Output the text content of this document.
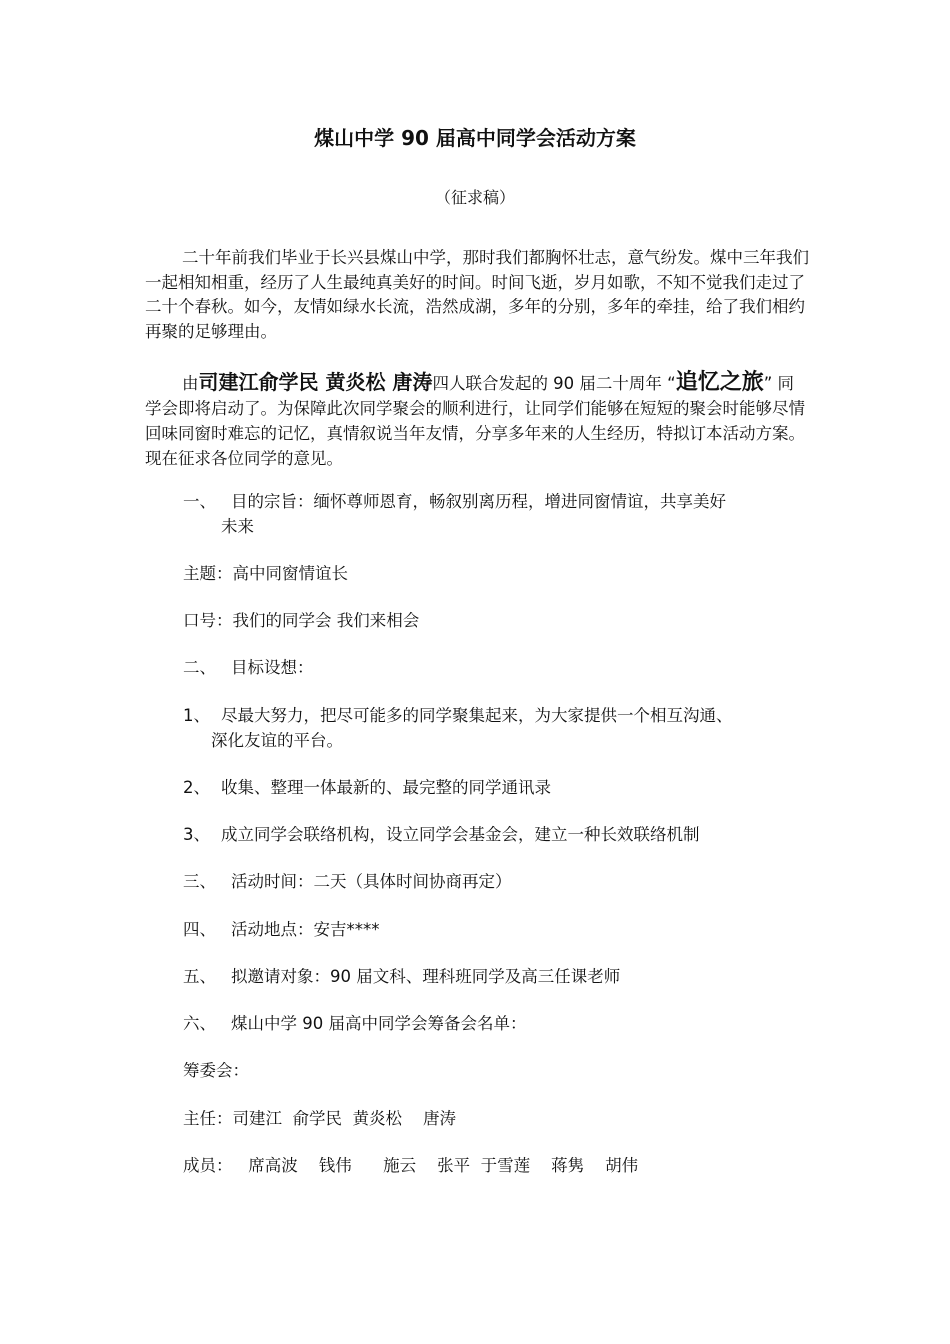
煤山中学 90 届高中同学会活动方案
（征求稿）

二十年前我们毕业于长兴县煤山中学，那时我们都胸怀壮志，意气纷发。煤中三年我们一起相知相重，经历了人生最纯真美好的时间。时间飞逝，岁月如歌，不知不觉我们走过了二十个春秋。如今，友情如绿水长流，浩然成湖，多年的分别，多年的牵挂，给了我们相约再聚的足够理由。

由司建江俞学民 黄炎松 唐涛四人联合发起的 90 届二十周年 “追忆之旅” 同学会即将启动了。为保障此次同学聚会的顺利进行，让同学们能够在短短的聚会时能够尽情回味同窗时难忘的记忆，真情叙说当年友情，分享多年来的人生经历，特拟订本活动方案。现在征求各位同学的意见。

一、 目的宗旨：缅怀尊师恩育，畅叙别离历程，增进同窗情谊，共享美好
未来
主题：高中同窗情谊长
口号：我们的同学会 我们来相会
二、 目标设想：
1、 尽最大努力，把尽可能多的同学聚集起来，为大家提供一个相互沟通、
深化友谊的平台。
2、 收集、整理一体最新的、最完整的同学通讯录
3、 成立同学会联络机构，设立同学会基金会，建立一种长效联络机制
三、 活动时间：二天（具体时间协商再定）
四、 活动地点：安吉****
五、 拟邀请对象：90 届文科、理科班同学及高三任课老师
六、 煤山中学 90 届高中同学会筹备会名单：
筹委会：
主任：司建江  俞学民  黄炎松    唐涛
成员：   席高波    钱伟      施云    张平  于雪莲    蒋隽    胡伟
